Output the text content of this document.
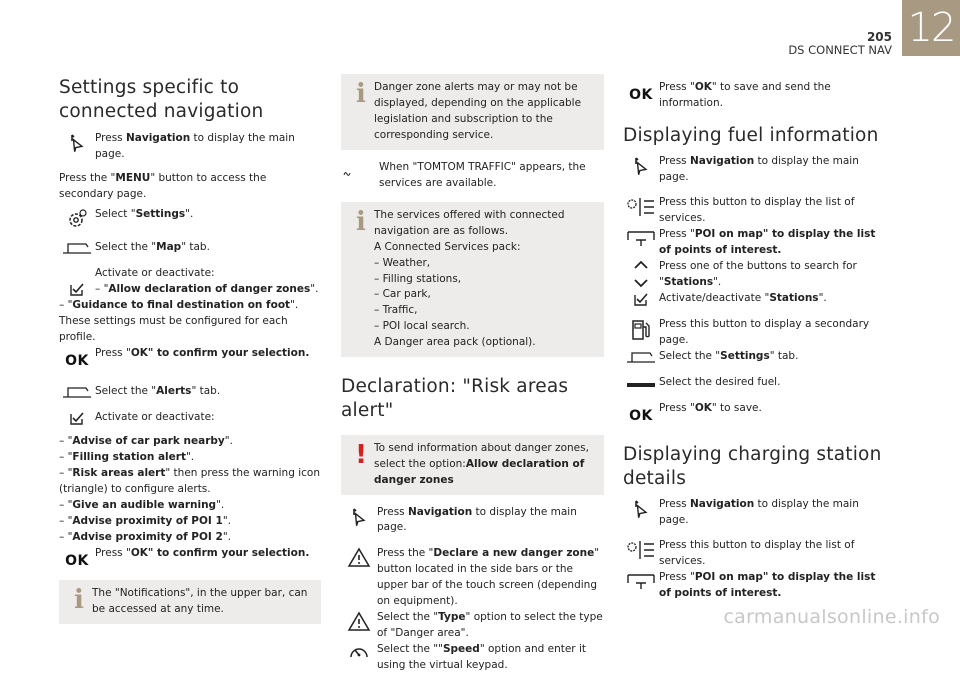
205
DS CONNECT NAV 12
Settings specific to connected navigation
Press Navigation to display the main page.

Press the "MENU" button to access the secondary page.

Select "Settings".
Select the "Map" tab.
Activate or deactivate:
– "Allow declaration of danger zones".

– "Guidance to final destination on foot".

These settings must be configured for each profile.

OK Press "OK" to confirm your selection.
Select the "Alerts" tab.
Activate or deactivate:

– "Advise of car park nearby".

– "Filling station alert".

– "Risk areas alert" then press the warning icon (triangle) to configure alerts.

– "Give an audible warning".

– "Advise proximity of POI 1".

– "Advise proximity of POI 2".

OK Press "OK" to confirm your selection.
i The "Notifications", in the upper bar, can be accessed at any time.
i Danger zone alerts may or may not be displayed, depending on the applicable legislation and subscription to the corresponding service.
When "TOMTOM TRAFFIC" appears, the services are available.
i The services offered with connected navigation are as follows.
A Connected Services pack:
– Weather,
– Filling stations,
– Car park,
– Traffic,
– POI local search.
A Danger area pack (optional).
Declaration: "Risk areas alert"
! To send information about danger zones, select the option:Allow declaration of danger zones
Press Navigation to display the main page.
Press the "Declare a new danger zone" button located in the side bars or the upper bar of the touch screen (depending on equipment).
Select the "Type" option to select the type of "Danger area".
Select the ""Speed" option and enter it using the virtual keypad.
OK Press "OK" to save and send the information.
Displaying fuel information
Press Navigation to display the main page.
Press this button to display the list of services.
Press "POI on map" to display the list of points of interest.
Press one of the buttons to search for "Stations".
Activate/deactivate "Stations".
Press this button to display a secondary page.
Select the "Settings" tab.
Select the desired fuel.
OK Press "OK" to save.
Displaying charging station details
Press Navigation to display the main page.
Press this button to display the list of services.
Press "POI on map" to display the list of points of interest.
carmanualsonline.info
